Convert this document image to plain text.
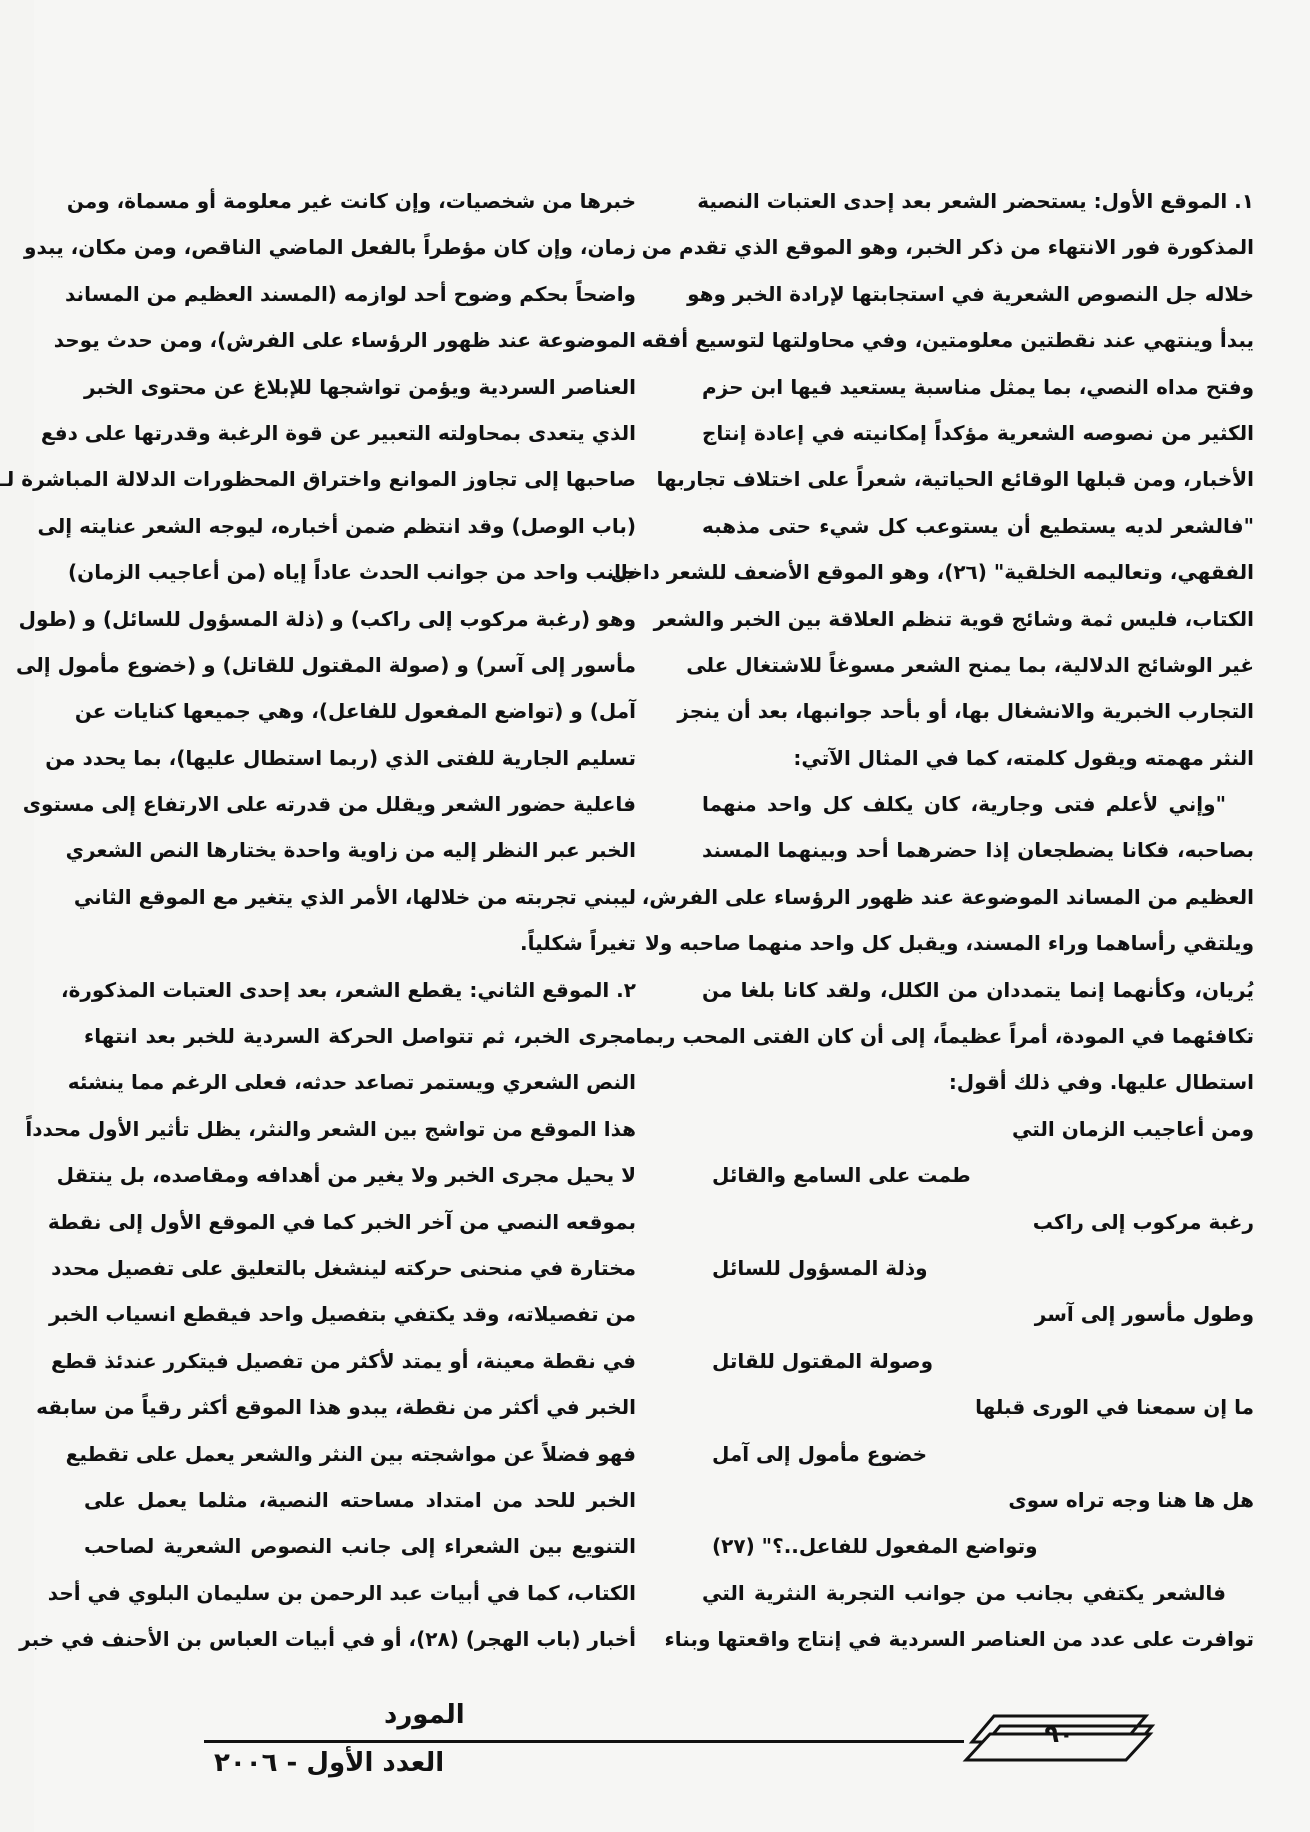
١. الموقع الأول: يستحضر الشعر بعد إحدى العتبات النصية
المذكورة فور الانتهاء من ذكر الخبر، وهو الموقع الذي تقدم من
خلاله جل النصوص الشعرية في استجابتها لإرادة الخبر وهو
يبدأ وينتهي عند نقطتين معلومتين، وفي محاولتها لتوسيع أفقه
وفتح مداه النصي، بما يمثل مناسبة يستعيد فيها ابن حزم
الكثير من نصوصه الشعرية مؤكداً إمكانيته في إعادة إنتاج
الأخبار، ومن قبلها الوقائع الحياتية، شعراً على اختلاف تجاربها
"فالشعر لديه يستطيع أن يستوعب كل شيء حتى مذهبه
الفقهي، وتعاليمه الخلقية" (٢٦)، وهو الموقع الأضعف للشعر داخل
الكتاب، فليس ثمة وشائج قوية تنظم العلاقة بين الخبر والشعر
غير الوشائج الدلالية، بما يمنح الشعر مسوغاً للاشتغال على
التجارب الخبرية والانشغال بها، أو بأحد جوانبها، بعد أن ينجز
النثر مهمته ويقول كلمته، كما في المثال الآتي:
"وإني لأعلم فتى وجارية، كان يكلف كل واحد منهما
بصاحبه، فكانا يضطجعان إذا حضرهما أحد وبينهما المسند
العظيم من المساند الموضوعة عند ظهور الرؤساء على الفرش،
ويلتقي رأساهما وراء المسند، ويقبل كل واحد منهما صاحبه ولا
يُريان، وكأنهما إنما يتمددان من الكلل، ولقد كانا بلغا من
تكافئهما في المودة، أمراً عظيماً، إلى أن كان الفتى المحب ربما
استطال عليها. وفي ذلك أقول:
ومن أعاجيب الزمان التي
طمت على السامع والقائل
رغبة مركوب إلى راكب
وذلة المسؤول للسائل
وطول مأسور إلى آسر
وصولة المقتول للقاتل
ما إن سمعنا في الورى قبلها
خضوع مأمول إلى آمل
هل ها هنا وجه تراه سوى
وتواضع المفعول للفاعل..؟" (٢٧)
فالشعر يكتفي بجانب من جوانب التجربة النثرية التي
توافرت على عدد من العناصر السردية في إنتاج واقعتها وبناء
خبرها من شخصيات، وإن كانت غير معلومة أو مسماة، ومن
زمان، وإن كان مؤطراً بالفعل الماضي الناقص، ومن مكان، يبدو
واضحاً بحكم وضوح أحد لوازمه (المسند العظيم من المساند
الموضوعة عند ظهور الرؤساء على الفرش)، ومن حدث يوحد
العناصر السردية ويؤمن تواشجها للإبلاغ عن محتوى الخبر
الذي يتعدى بمحاولته التعبير عن قوة الرغبة وقدرتها على دفع
صاحبها إلى تجاوز الموانع واختراق المحظورات الدلالة المباشرة لـ
(باب الوصل) وقد انتظم ضمن أخباره، ليوجه الشعر عنايته إلى
جانب واحد من جوانب الحدث عاداً إياه (من أعاجيب الزمان)
وهو (رغبة مركوب إلى راكب) و (ذلة المسؤول للسائل) و (طول
مأسور إلى آسر) و (صولة المقتول للقاتل) و (خضوع مأمول إلى
آمل) و (تواضع المفعول للفاعل)، وهي جميعها كنايات عن
تسليم الجارية للفتى الذي (ربما استطال عليها)، بما يحدد من
فاعلية حضور الشعر ويقلل من قدرته على الارتفاع إلى مستوى
الخبر عبر النظر إليه من زاوية واحدة يختارها النص الشعري
ليبني تجربته من خلالها، الأمر الذي يتغير مع الموقع الثاني
تغيراً شكلياً.
٢. الموقع الثاني: يقطع الشعر، بعد إحدى العتبات المذكورة،
مجرى الخبر، ثم تتواصل الحركة السردية للخبر بعد انتهاء
النص الشعري ويستمر تصاعد حدثه، فعلى الرغم مما ينشئه
هذا الموقع من تواشج بين الشعر والنثر، يظل تأثير الأول محدداً
لا يحيل مجرى الخبر ولا يغير من أهدافه ومقاصده، بل ينتقل
بموقعه النصي من آخر الخبر كما في الموقع الأول إلى نقطة
مختارة في منحنى حركته لينشغل بالتعليق على تفصيل محدد
من تفصيلاته، وقد يكتفي بتفصيل واحد فيقطع انسياب الخبر
في نقطة معينة، أو يمتد لأكثر من تفصيل فيتكرر عندئذ قطع
الخبر في أكثر من نقطة، يبدو هذا الموقع أكثر رقياً من سابقه
فهو فضلاً عن مواشجته بين النثر والشعر يعمل على تقطيع
الخبر للحد من امتداد مساحته النصية، مثلما يعمل على
التنويع بين الشعراء إلى جانب النصوص الشعرية لصاحب
الكتاب، كما في أبيات عبد الرحمن بن سليمان البلوي في أحد
أخبار (باب الهجر) (٢٨)، أو في أبيات العباس بن الأحنف في خبر
المورد
العدد الأول - ٢٠٠٦
٩٠
